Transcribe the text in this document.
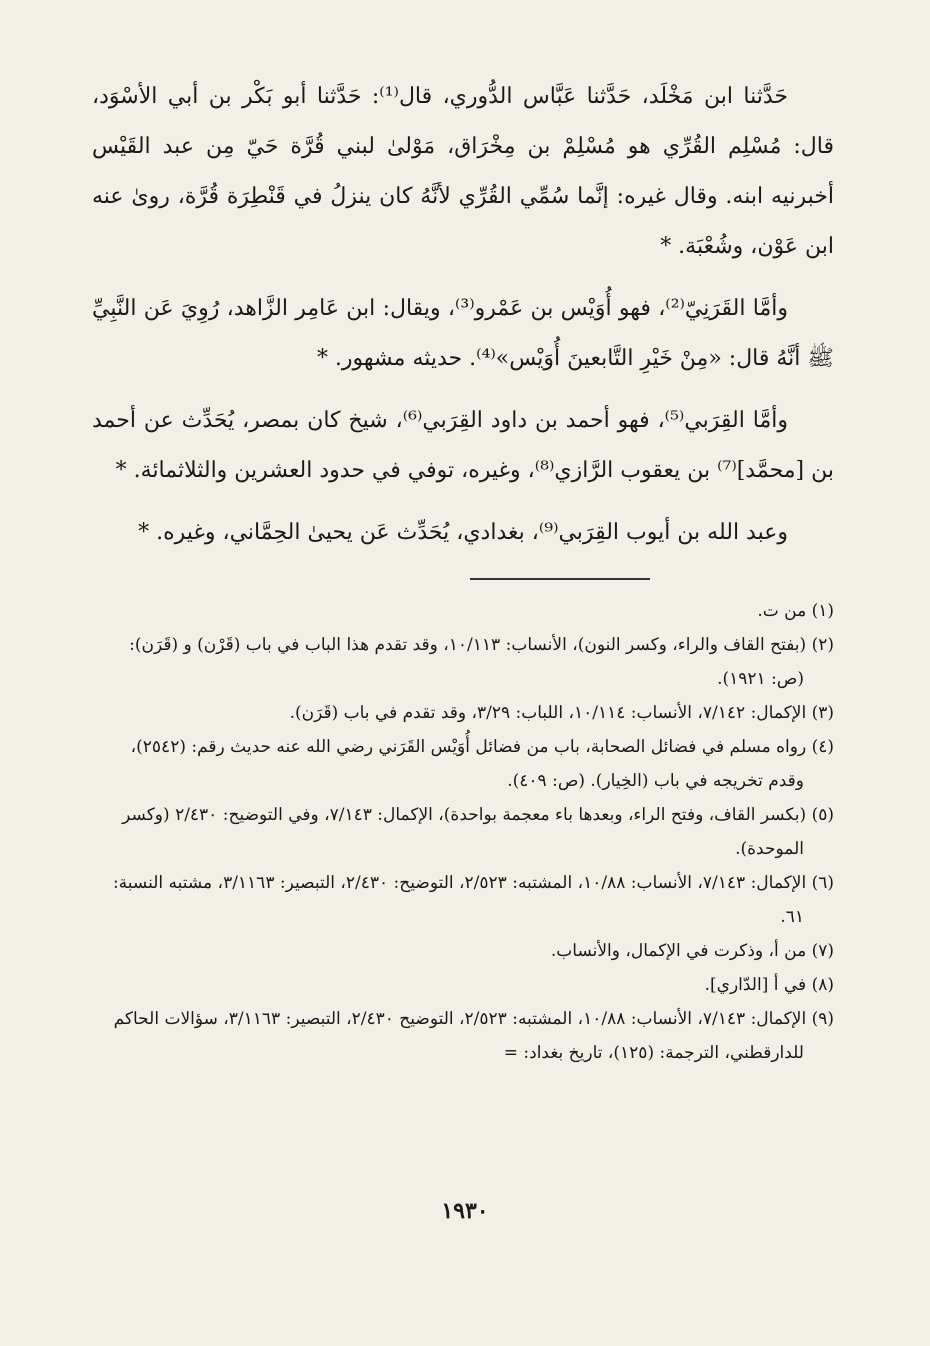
حَدَّثنا ابن مَخْلَد، حَدَّثنا عَبَّاس الدُّوري، قال⁽¹⁾: حَدَّثنا أبو بَكْر بن أبي الأسْوَد، قال: مُسْلِم القُرِّي هو مُسْلِمْ بن مِخْرَاق، مَوْلىٰ لبني قُرَّة حَيّ مِن عبد القَيْس أخبرنيه ابنه. وقال غيره: إنَّما سُمِّي القُرِّي لأنَّهُ كان ينزلُ في قَنْطِرَة قُرَّة، روىٰ عنه ابن عَوْن، وشُعْبَة. *

وأمَّا القَرَنِيّ⁽²⁾، فهو أُوَيْس بن عَمْرو⁽³⁾، ويقال: ابن عَامِر الزَّاهد، رُوِيَ عَن النَّبِيِّ ﷺ أنَّهُ قال: «مِنْ خَيْرِ التَّابعينَ أُوَيْس»⁽⁴⁾. حديثه مشهور. *

وأمَّا القِرَبي⁽⁵⁾، فهو أحمد بن داود القِرَبي⁽⁶⁾، شيخ كان بمصر، يُحَدِّث عن أحمد بن [محمَّد]⁽⁷⁾ بن يعقوب الرَّازي⁽⁸⁾، وغيره، توفي في حدود العشرين والثلاثمائة. *

وعبد الله بن أيوب القِرَبي⁽⁹⁾، بغدادي، يُحَدِّث عَن يحيىٰ الحِمَّاني، وغيره. *

(١) من ت.

(٢) (بفتح القاف والراء، وكسر النون)، الأنساب: ١٠/١١٣، وقد تقدم هذا الباب في باب (قَرْن) و (قَرَن): (ص: ١٩٢١).

(٣) الإكمال: ٧/١٤٢، الأنساب: ١٠/١١٤، اللباب: ٣/٢٩، وقد تقدم في باب (قَرَن).

(٤) رواه مسلم في فضائل الصحابة، باب من فضائل أُوَيْس القَرَني رضي الله عنه حديث رقم: (٢٥٤٢)، وقدم تخريجه في باب (الخِيار). (ص: ٤٠٩).

(٥) (بكسر القاف، وفتح الراء، وبعدها باء معجمة بواحدة)، الإكمال: ٧/١٤٣، وفي التوضيح: ٢/٤٣٠ (وكسر الموحدة).

(٦) الإكمال: ٧/١٤٣، الأنساب: ١٠/٨٨، المشتبه: ٢/٥٢٣، التوضيح: ٢/٤٣٠، التبصير: ٣/١١٦٣، مشتبه النسبة: ٦١.

(٧) من أ، وذكرت في الإكمال، والأنساب.

(٨) في أ [الدّاري].

(٩) الإكمال: ٧/١٤٣، الأنساب: ١٠/٨٨، المشتبه: ٢/٥٢٣، التوضيح ٢/٤٣٠، التبصير: ٣/١١٦٣، سؤالات الحاكم للدارقطني، الترجمة: (١٢٥)، تاريخ بغداد: =

١٩٣٠
